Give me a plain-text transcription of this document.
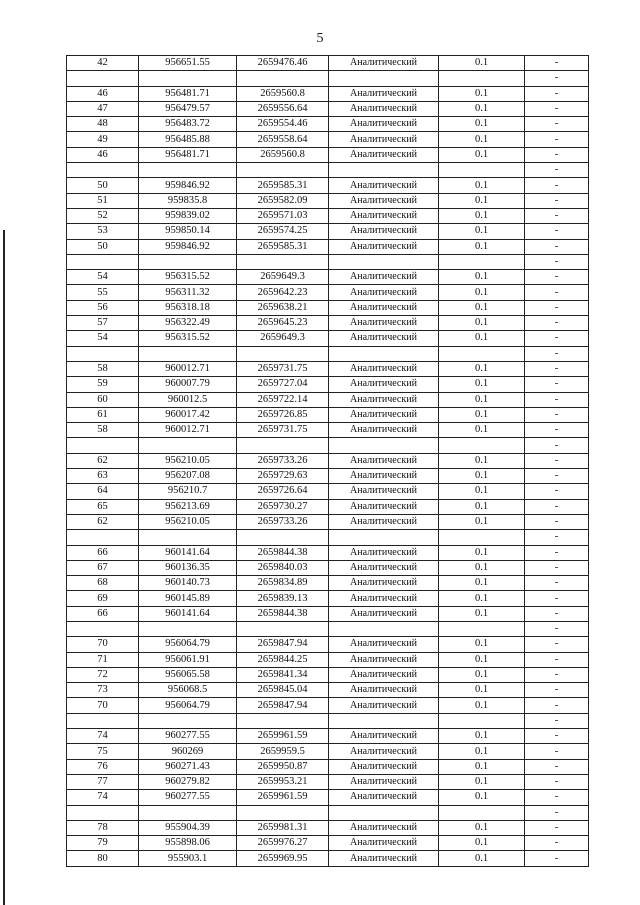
5
42	956651.55	2659476.46	Аналитический	0.1	-
					-
46	956481.71	2659560.8	Аналитический	0.1	-
47	956479.57	2659556.64	Аналитический	0.1	-
48	956483.72	2659554.46	Аналитический	0.1	-
49	956485.88	2659558.64	Аналитический	0.1	-
46	956481.71	2659560.8	Аналитический	0.1	-
					-
50	959846.92	2659585.31	Аналитический	0.1	-
51	959835.8	2659582.09	Аналитический	0.1	-
52	959839.02	2659571.03	Аналитический	0.1	-
53	959850.14	2659574.25	Аналитический	0.1	-
50	959846.92	2659585.31	Аналитический	0.1	-
					-
54	956315.52	2659649.3	Аналитический	0.1	-
55	956311.32	2659642.23	Аналитический	0.1	-
56	956318.18	2659638.21	Аналитический	0.1	-
57	956322.49	2659645.23	Аналитический	0.1	-
54	956315.52	2659649.3	Аналитический	0.1	-
					-
58	960012.71	2659731.75	Аналитический	0.1	-
59	960007.79	2659727.04	Аналитический	0.1	-
60	960012.5	2659722.14	Аналитический	0.1	-
61	960017.42	2659726.85	Аналитический	0.1	-
58	960012.71	2659731.75	Аналитический	0.1	-
					-
62	956210.05	2659733.26	Аналитический	0.1	-
63	956207.08	2659729.63	Аналитический	0.1	-
64	956210.7	2659726.64	Аналитический	0.1	-
65	956213.69	2659730.27	Аналитический	0.1	-
62	956210.05	2659733.26	Аналитический	0.1	-
					-
66	960141.64	2659844.38	Аналитический	0.1	-
67	960136.35	2659840.03	Аналитический	0.1	-
68	960140.73	2659834.89	Аналитический	0.1	-
69	960145.89	2659839.13	Аналитический	0.1	-
66	960141.64	2659844.38	Аналитический	0.1	-
					-
70	956064.79	2659847.94	Аналитический	0.1	-
71	956061.91	2659844.25	Аналитический	0.1	-
72	956065.58	2659841.34	Аналитический	0.1	-
73	956068.5	2659845.04	Аналитический	0.1	-
70	956064.79	2659847.94	Аналитический	0.1	-
					-
74	960277.55	2659961.59	Аналитический	0.1	-
75	960269	2659959.5	Аналитический	0.1	-
76	960271.43	2659950.87	Аналитический	0.1	-
77	960279.82	2659953.21	Аналитический	0.1	-
74	960277.55	2659961.59	Аналитический	0.1	-
					-
78	955904.39	2659981.31	Аналитический	0.1	-
79	955898.06	2659976.27	Аналитический	0.1	-
80	955903.1	2659969.95	Аналитический	0.1	-
